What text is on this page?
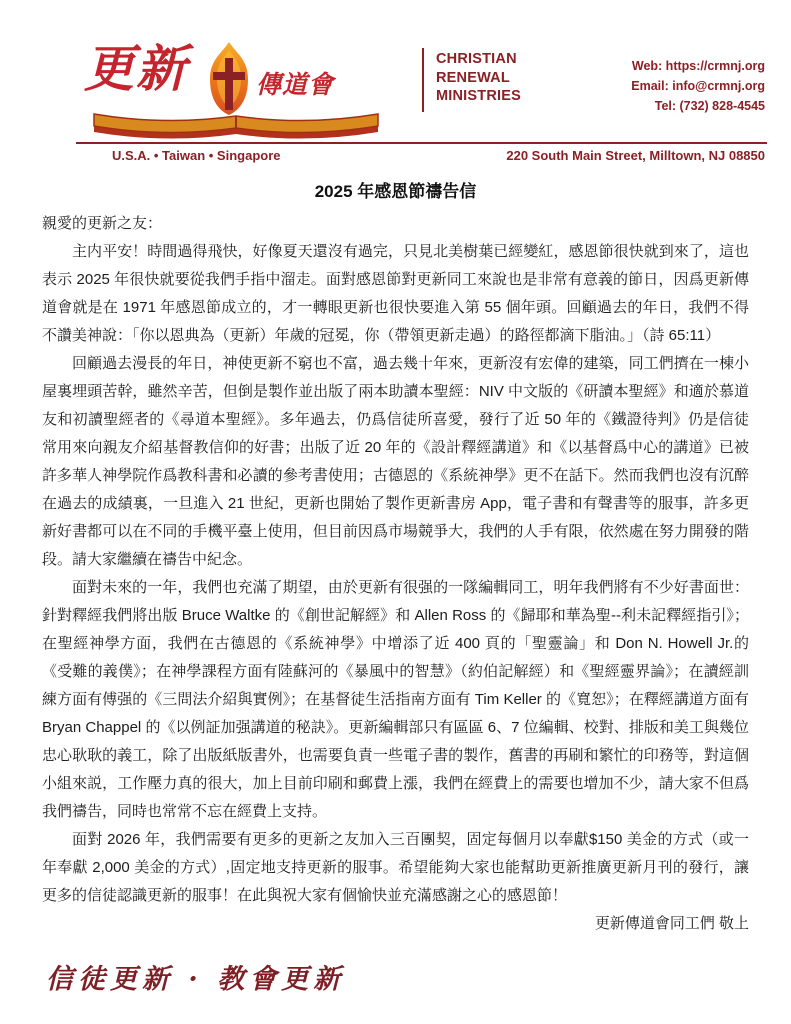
更新	傳道會
CHRISTIAN
RENEWAL
MINISTRIES
Web: https://crmnj.org
Email: info@crmnj.org
Tel: (732) 828-4545
U.S.A. • Taiwan • Singapore	220 South Main Street, Milltown, NJ 08850
2025 年感恩節禱告信

親愛的更新之友：

主内平安！時間過得飛快，好像夏天還沒有過完，只見北美樹葉已經變紅，感恩節很快就到來了，這也表示 2025 年很快就要從我們手指中溜走。面對感恩節對更新同工來說也是非常有意義的節日，因爲更新傳道會就是在 1971 年感恩節成立的，才一轉眼更新也很快要進入第 55 個年頭。回顧過去的年日，我們不得不讚美神說：「你以恩典為（更新）年歲的冠冕，你（帶領更新走過）的路徑都滴下脂油。」（詩 65:11）

回顧過去漫長的年日，神使更新不窮也不富，過去幾十年來，更新沒有宏偉的建築，同工們擠在一棟小屋裏埋頭苦幹，雖然辛苦，但倒是製作並出版了兩本助讀本聖經：NIV 中文版的《研讀本聖經》和適於慕道友和初讀聖經者的《尋道本聖經》。多年過去，仍爲信徒所喜愛，發行了近 50 年的《鐵證待判》仍是信徒常用來向親友介紹基督教信仰的好書；出版了近 20 年的《設計釋經講道》和《以基督爲中心的講道》已被許多華人神學院作爲教科書和必讀的參考書使用；古德恩的《系統神學》更不在話下。然而我們也沒有沉醉在過去的成績裏，一旦進入 21 世紀，更新也開始了製作更新書房 App，電子書和有聲書等的服事，許多更新好書都可以在不同的手機平臺上使用，但目前因爲市場競爭大，我們的人手有限，依然處在努力開發的階段。請大家繼續在禱告中紀念。

面對未來的一年，我們也充滿了期望，由於更新有很强的一隊編輯同工，明年我們將有不少好書面世：針對釋經我們將出版 Bruce Waltke 的《創世記解經》和 Allen Ross 的《歸耶和華為聖--利未記釋經指引》；在聖經神學方面，我們在古德恩的《系統神學》中增添了近 400 頁的「聖靈論」和 Don N. Howell Jr.的《受難的義僕》；在神學課程方面有陸蘇河的《暴風中的智慧》（約伯記解經）和《聖經靈界論》；在讀經訓練方面有傅强的《三問法介紹與實例》；在基督徒生活指南方面有 Tim Keller 的《寬恕》；在釋經講道方面有 Bryan Chappel 的《以例証加强講道的秘訣》。更新編輯部只有區區 6、7 位編輯、校對、排版和美工與幾位忠心耿耿的義工，除了出版紙版書外，也需要負責一些電子書的製作，舊書的再刷和繁忙的印務等，對這個小組來説，工作壓力真的很大，加上目前印刷和郵費上漲，我們在經費上的需要也增加不少，請大家不但爲我們禱告，同時也常常不忘在經費上支持。

面對 2026 年，我們需要有更多的更新之友加入三百團契，固定每個月以奉獻$150 美金的方式（或一年奉獻 2,000 美金的方式）,固定地支持更新的服事。希望能夠大家也能幫助更新推廣更新月刊的發行，讓更多的信徒認識更新的服事！在此與祝大家有個愉快並充滿感謝之心的感恩節！

更新傳道會同工們 敬上

信徒更新 · 教會更新
